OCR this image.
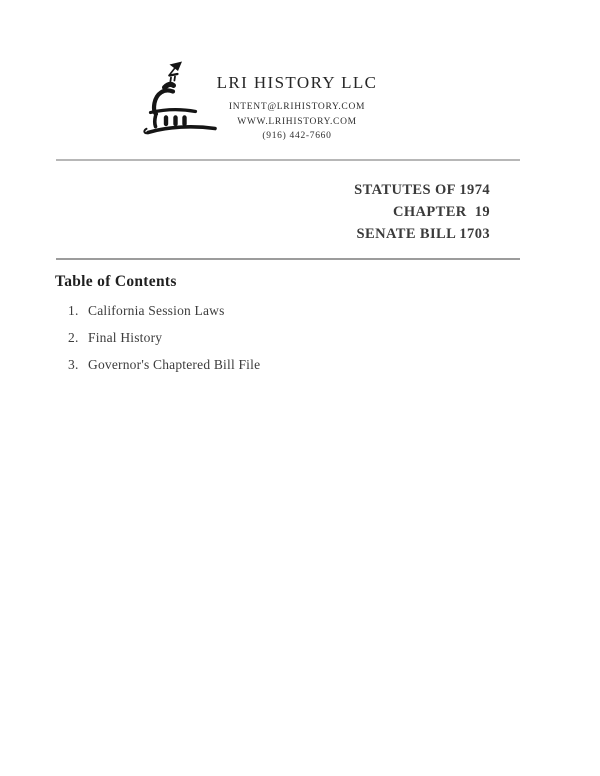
LRI HISTORY LLC
INTENT@LRIHISTORY.COM
WWW.LRIHISTORY.COM
(916) 442-7660
STATUTES OF 1974
CHAPTER  19
SENATE BILL 1703
Table of Contents
1. California Session Laws
2. Final History
3. Governor's Chaptered Bill File
